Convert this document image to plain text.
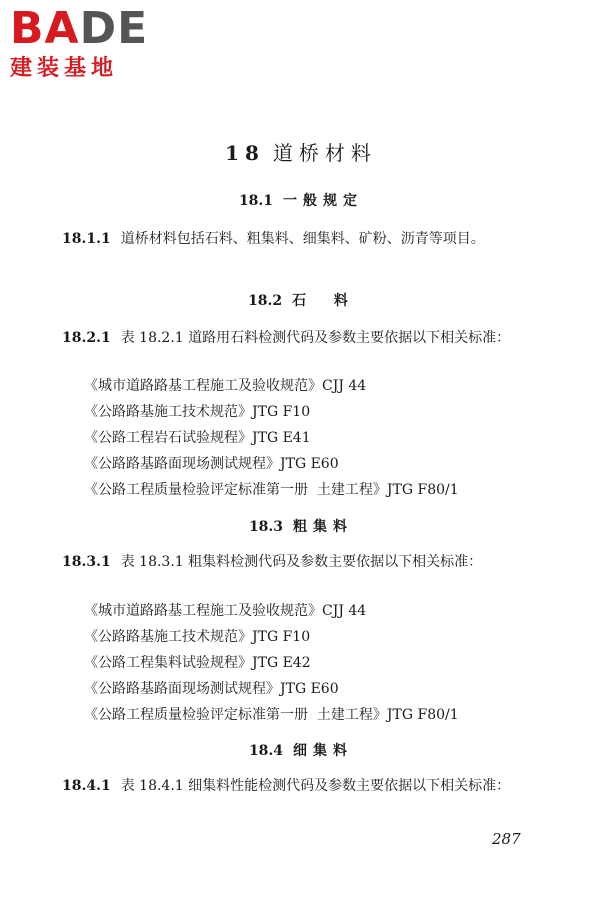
BADE
建装基地
18 道桥材料
18.1 一般规定
18.1.1 道桥材料包括石料、粗集料、细集料、矿粉、沥青等项目。
18.2 石  料
18.2.1 表 18.2.1 道路用石料检测代码及参数主要依据以下相关标准：
《城市道路路基工程施工及验收规范》CJJ 44
《公路路基施工技术规范》JTG F10
《公路工程岩石试验规程》JTG E41
《公路路基路面现场测试规程》JTG E60
《公路工程质量检验评定标准第一册  土建工程》JTG F80/1
18.3 粗集料
18.3.1 表 18.3.1 粗集料检测代码及参数主要依据以下相关标准：
《城市道路路基工程施工及验收规范》CJJ 44
《公路路基施工技术规范》JTG F10
《公路工程集料试验规程》JTG E42
《公路路基路面现场测试规程》JTG E60
《公路工程质量检验评定标准第一册  土建工程》JTG F80/1
18.4 细集料
18.4.1 表 18.4.1 细集料性能检测代码及参数主要依据以下相关标准：
287
